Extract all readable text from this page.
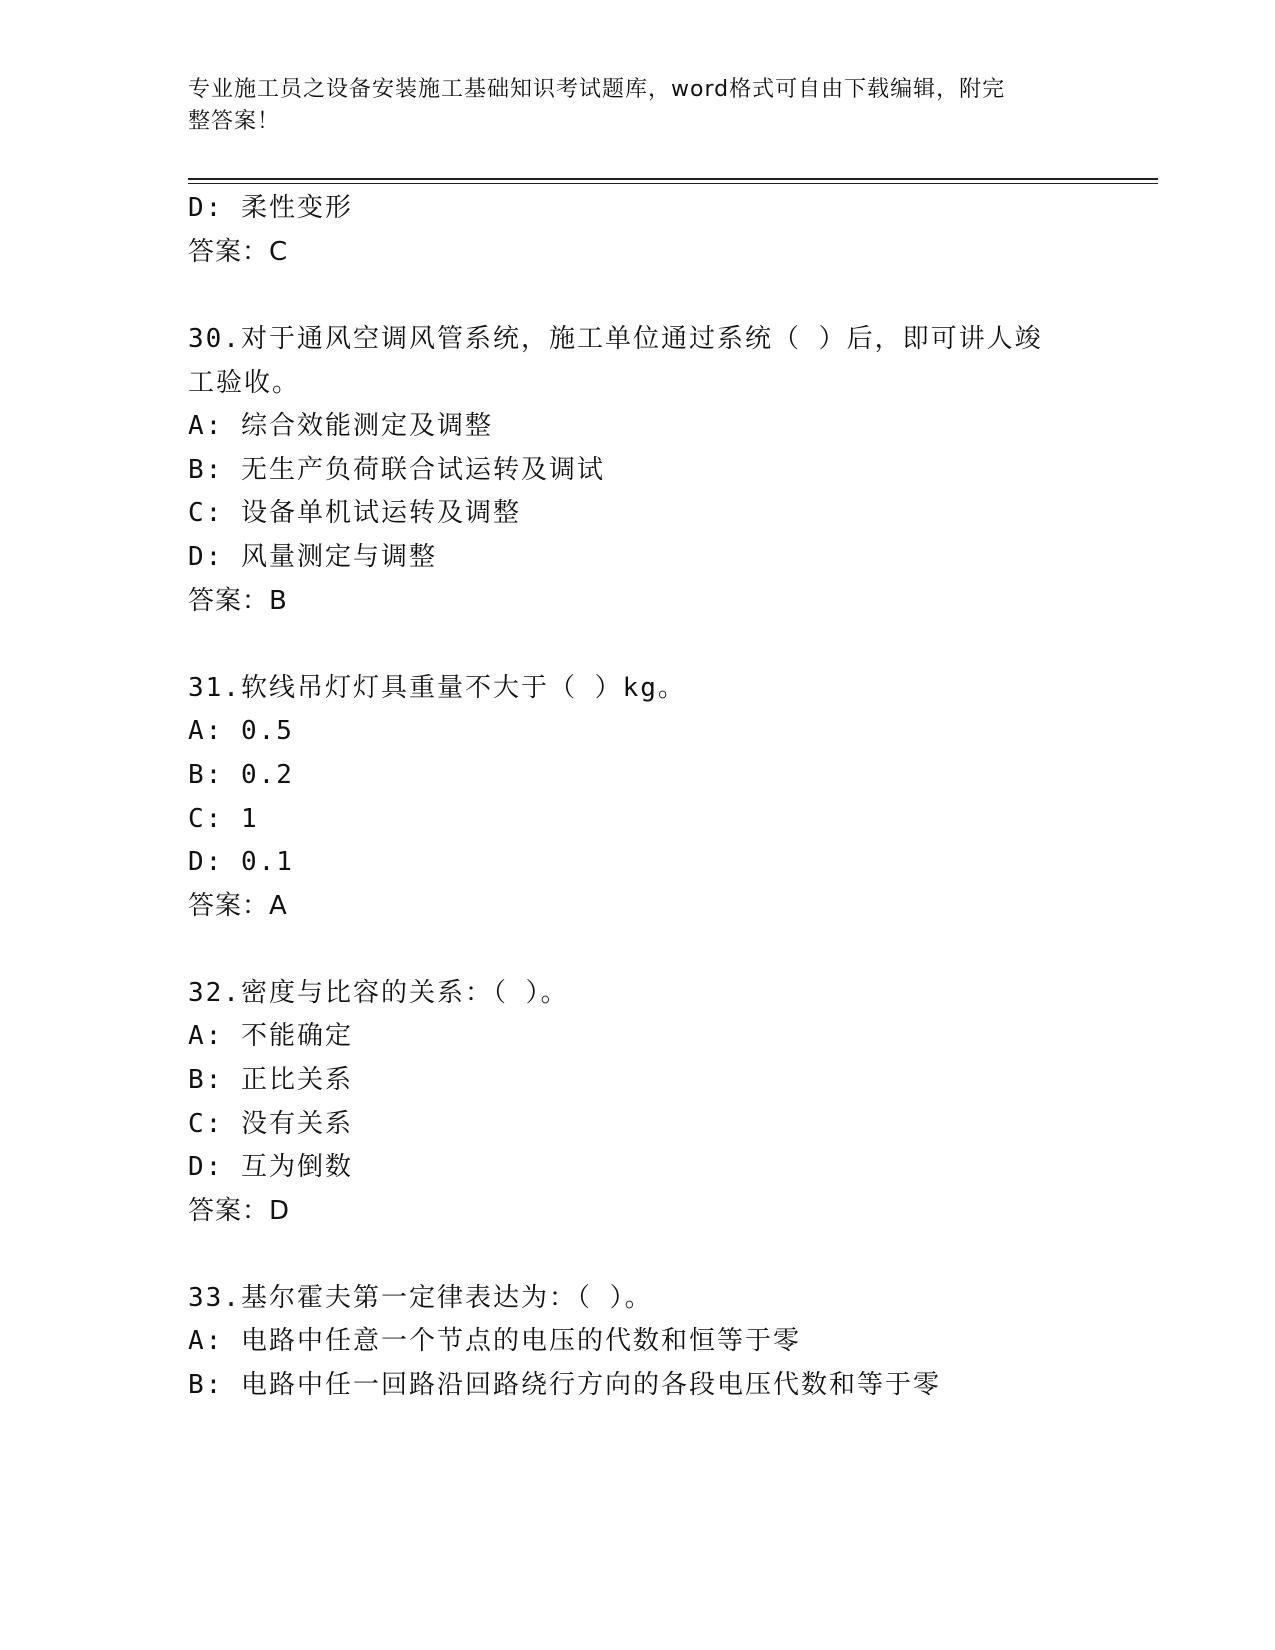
专业施工员之设备安装施工基础知识考试题库，word格式可自由下载编辑，附完
整答案！
D: 柔性变形
答案：C
30.对于通风空调风管系统，施工单位通过系统（ ）后，即可讲人竣
工验收。
A: 综合效能测定及调整
B: 无生产负荷联合试运转及调试
C: 设备单机试运转及调整
D: 风量测定与调整
答案：B
31.软线吊灯灯具重量不大于（ ）kg。
A: 0.5
B: 0.2
C: 1
D: 0.1
答案：A
32.密度与比容的关系：（ ）。
A: 不能确定
B: 正比关系
C: 没有关系
D: 互为倒数
答案：D
33.基尔霍夫第一定律表达为：（ ）。
A: 电路中任意一个节点的电压的代数和恒等于零
B: 电路中任一回路沿回路绕行方向的各段电压代数和等于零
